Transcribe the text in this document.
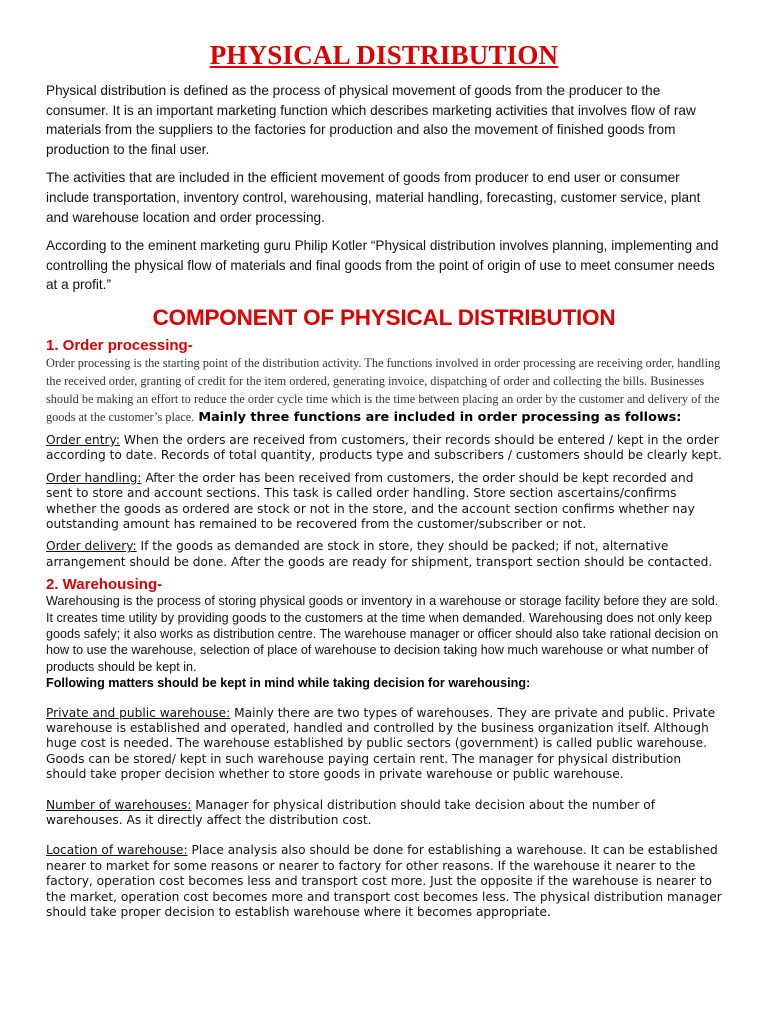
PHYSICAL DISTRIBUTION

Physical distribution is defined as the process of physical movement of goods from the producer to the consumer. It is an important marketing function which describes marketing activities that involves flow of raw materials from the suppliers to the factories for production and also the movement of finished goods from production to the final user.

The activities that are included in the efficient movement of goods from producer to end user or consumer include transportation, inventory control, warehousing, material handling, forecasting, customer service, plant and warehouse location and order processing.

According to the eminent marketing guru Philip Kotler “Physical distribution involves planning, implementing and controlling the physical flow of materials and final goods from the point of origin of use to meet consumer needs at a profit.”

COMPONENT OF PHYSICAL DISTRIBUTION
1. Order processing-
Order processing is the starting point of the distribution activity. The functions involved in order processing are receiving order, handling the received order, granting of credit for the item ordered, generating invoice, dispatching of order and collecting the bills. Businesses should be making an effort to reduce the order cycle time which is the time between placing an order by the customer and delivery of the goods at the customer’s place. Mainly three functions are included in order processing as follows:
Order entry: When the orders are received from customers, their records should be entered / kept in the order according to date. Records of total quantity, products type and subscribers / customers should be clearly kept.
Order handling: After the order has been received from customers, the order should be kept recorded and sent to store and account sections. This task is called order handling. Store section ascertains/confirms whether the goods as ordered are stock or not in the store, and the account section confirms whether nay outstanding amount has remained to be recovered from the customer/subscriber or not.
Order delivery: If the goods as demanded are stock in store, they should be packed; if not, alternative arrangement should be done. After the goods are ready for shipment, transport section should be contacted.
2. Warehousing-

Warehousing is the process of storing physical goods or inventory in a warehouse or storage facility before they are sold. It creates time utility by providing goods to the customers at the time when demanded. Warehousing does not only keep goods safely; it also works as distribution centre. The warehouse manager or officer should also take rational decision on how to use the warehouse, selection of place of warehouse to decision taking how much warehouse or what number of products should be kept in.

Following matters should be kept in mind while taking decision for warehousing:

Private and public warehouse: Mainly there are two types of warehouses. They are private and public. Private warehouse is established and operated, handled and controlled by the business organization itself. Although huge cost is needed. The warehouse established by public sectors (government) is called public warehouse. Goods can be stored/ kept in such warehouse paying certain rent. The manager for physical distribution should take proper decision whether to store goods in private warehouse or public warehouse.
Number of warehouses: Manager for physical distribution should take decision about the number of warehouses. As it directly affect the distribution cost.
Location of warehouse: Place analysis also should be done for establishing a warehouse. It can be established nearer to market for some reasons or nearer to factory for other reasons. If the warehouse it nearer to the factory, operation cost becomes less and transport cost more. Just the opposite if the warehouse is nearer to the market, operation cost becomes more and transport cost becomes less. The physical distribution manager should take proper decision to establish warehouse where it becomes appropriate.
